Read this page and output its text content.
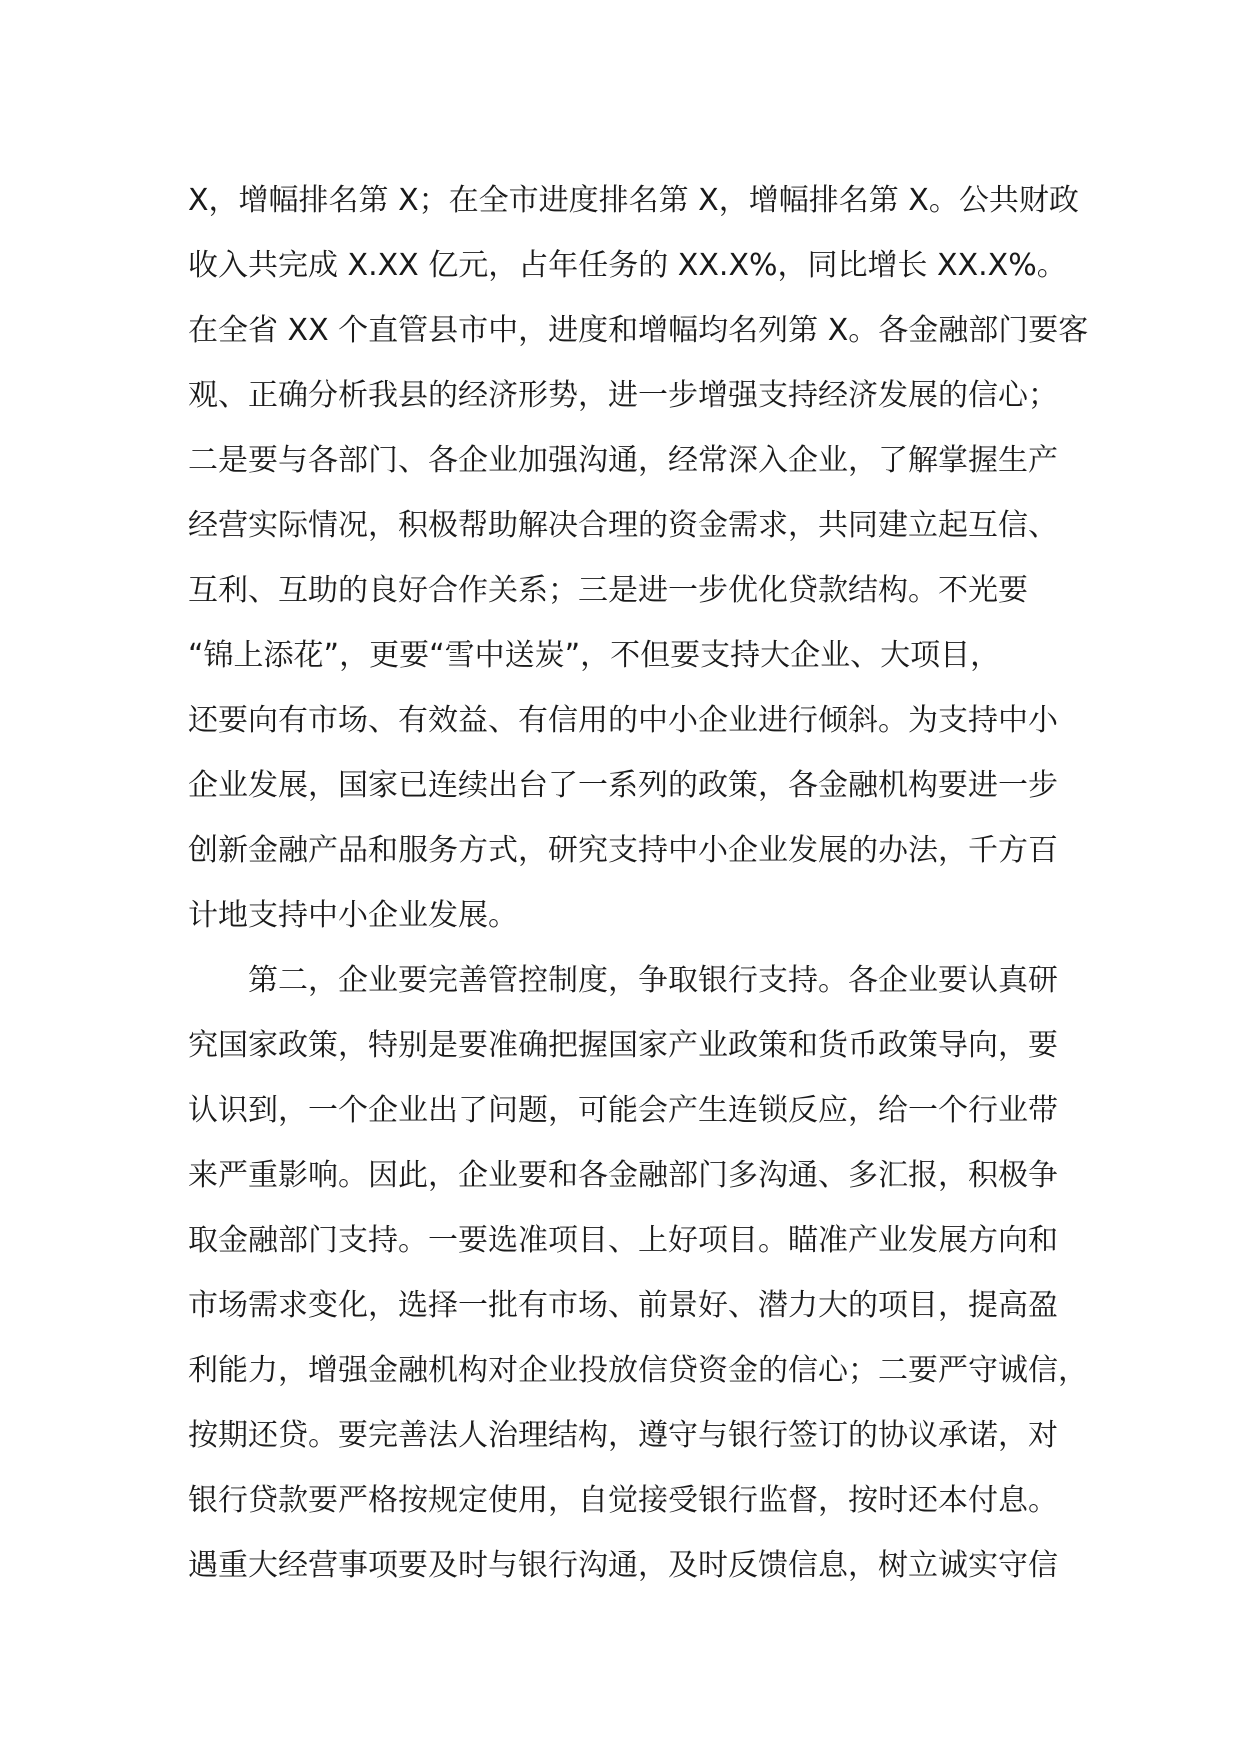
X，增幅排名第 X；在全市进度排名第 X，增幅排名第 X。公共财政
收入共完成 X.XX 亿元，占年任务的 XX.X%，同比增长 XX.X%。
在全省 XX 个直管县市中，进度和增幅均名列第 X。各金融部门要客
观、正确分析我县的经济形势，进一步增强支持经济发展的信心；
二是要与各部门、各企业加强沟通，经常深入企业，了解掌握生产
经营实际情况，积极帮助解决合理的资金需求，共同建立起互信、
互利、互助的良好合作关系；三是进一步优化贷款结构。不光要
“锦上添花”，更要“雪中送炭”，不但要支持大企业、大项目，
还要向有市场、有效益、有信用的中小企业进行倾斜。为支持中小
企业发展，国家已连续出台了一系列的政策，各金融机构要进一步
创新金融产品和服务方式，研究支持中小企业发展的办法，千方百
计地支持中小企业发展。
第二，企业要完善管控制度，争取银行支持。各企业要认真研
究国家政策，特别是要准确把握国家产业政策和货币政策导向，要
认识到，一个企业出了问题，可能会产生连锁反应，给一个行业带
来严重影响。因此，企业要和各金融部门多沟通、多汇报，积极争
取金融部门支持。一要选准项目、上好项目。瞄准产业发展方向和
市场需求变化，选择一批有市场、前景好、潜力大的项目，提高盈
利能力，增强金融机构对企业投放信贷资金的信心；二要严守诚信，
按期还贷。要完善法人治理结构，遵守与银行签订的协议承诺，对
银行贷款要严格按规定使用，自觉接受银行监督，按时还本付息。
遇重大经营事项要及时与银行沟通，及时反馈信息，树立诚实守信
